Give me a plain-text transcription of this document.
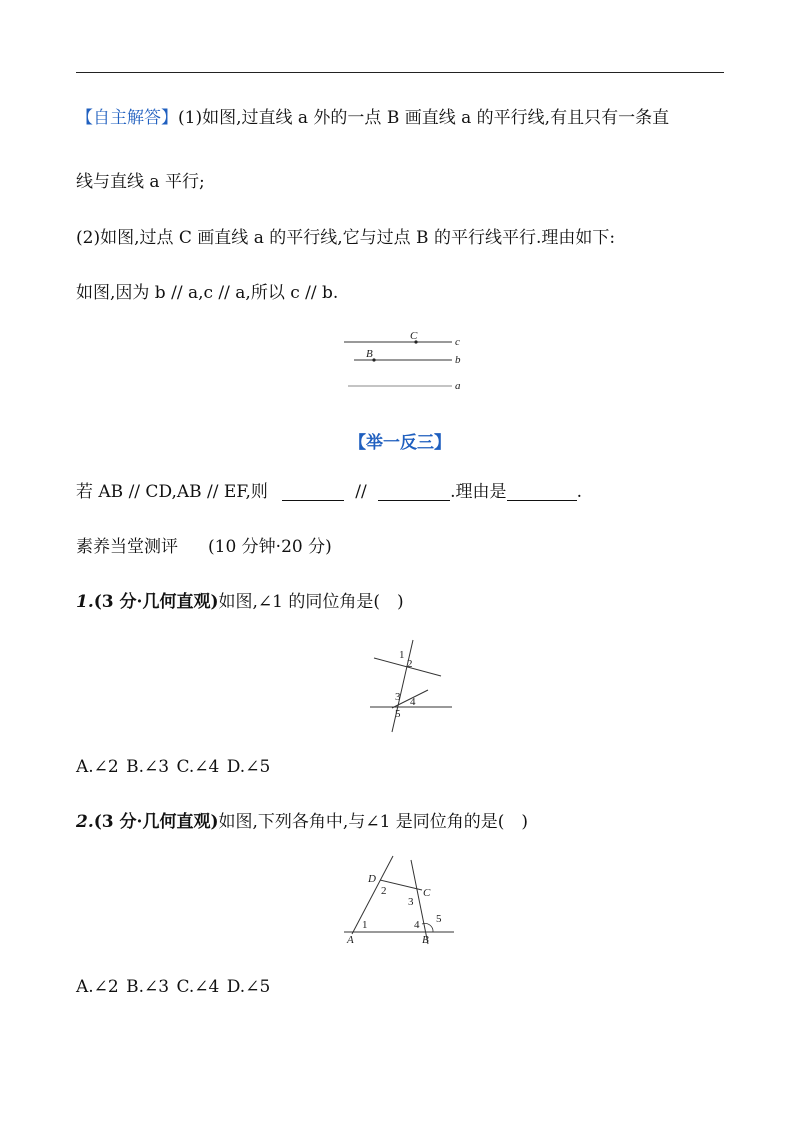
【自主解答】(1)如图,过直线 a 外的一点 B 画直线 a 的平行线,有且只有一条直
线与直线 a 平行;
(2)如图,过点 C 画直线 a 的平行线,它与过点 B 的平行线平行.理由如下:
如图,因为 b // a,c // a,所以 c // b.
C
B
c
b
a
【举一反三】
若 AB // CD,AB // EF,则	//	.理由是	.
素养当堂测评 (10 分钟·20 分)
1.(3 分·几何直观)如图,∠1 的同位角是(　)
1
2
3 4
5
A.∠2 B.∠3 C.∠4 D.∠5
2.(3 分·几何直观)如图,下列各角中,与∠1 是同位角的是(　)
D
C
A	B
1
2
3
4 5
A.∠2 B.∠3 C.∠4 D.∠5
